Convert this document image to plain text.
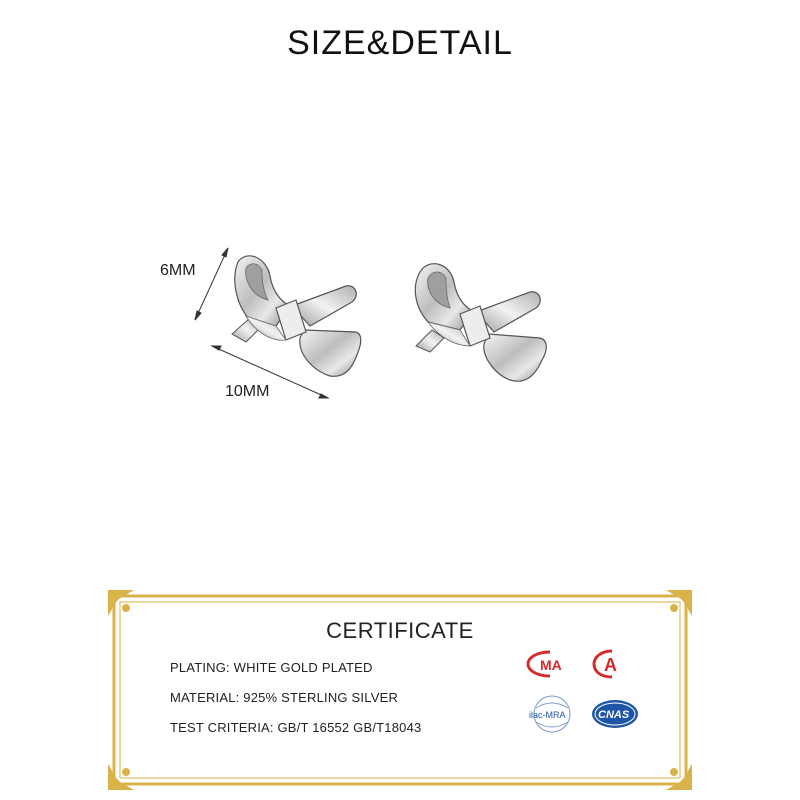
SIZE&DETAIL
6MM
10MM
CERTIFICATE
PLATING: WHITE GOLD PLATED
MATERIAL: 925% STERLING SILVER
TEST CRITERIA: GB/T 16552 GB/T18043
MA A
ilac-MRA	CNAS
